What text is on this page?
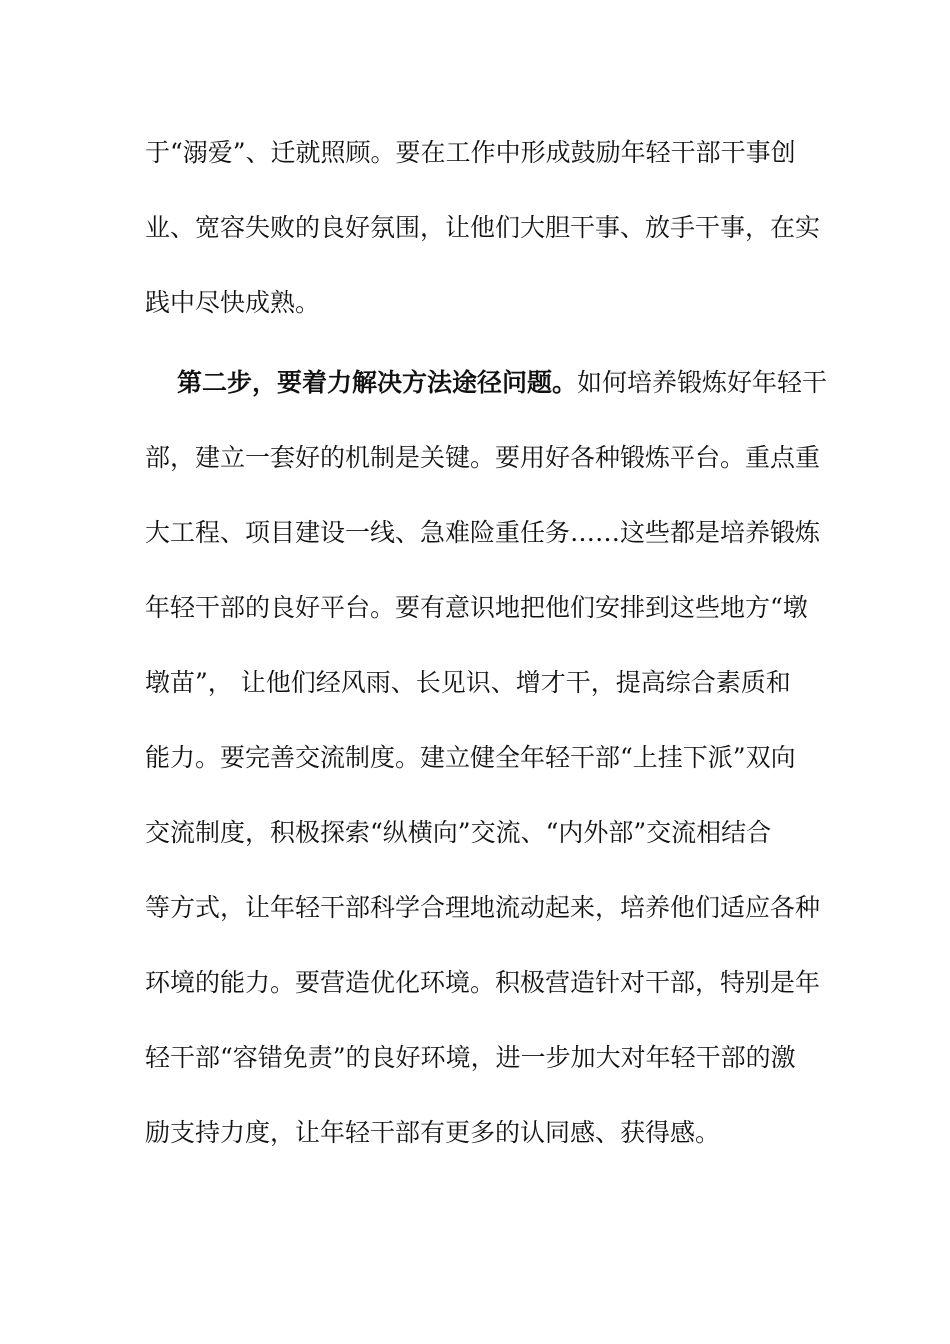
于“溺爱”、迁就照顾。要在工作中形成鼓励年轻干部干事创
业、宽容失败的良好氛围，让他们大胆干事、放手干事，在实
践中尽快成熟。
第二步，要着力解决方法途径问题。如何培养锻炼好年轻干
部，建立一套好的机制是关键。要用好各种锻炼平台。重点重
大工程、项目建设一线、急难险重任务……这些都是培养锻炼
年轻干部的良好平台。要有意识地把他们安排到这些地方“墩
墩苗”， 让他们经风雨、长见识、增才干，提高综合素质和
能力。要完善交流制度。建立健全年轻干部“上挂下派”双向
交流制度，积极探索“纵横向”交流、“内外部”交流相结合
等方式，让年轻干部科学合理地流动起来，培养他们适应各种
环境的能力。要营造优化环境。积极营造针对干部，特别是年
轻干部“容错免责”的良好环境，进一步加大对年轻干部的激
励支持力度，让年轻干部有更多的认同感、获得感。
